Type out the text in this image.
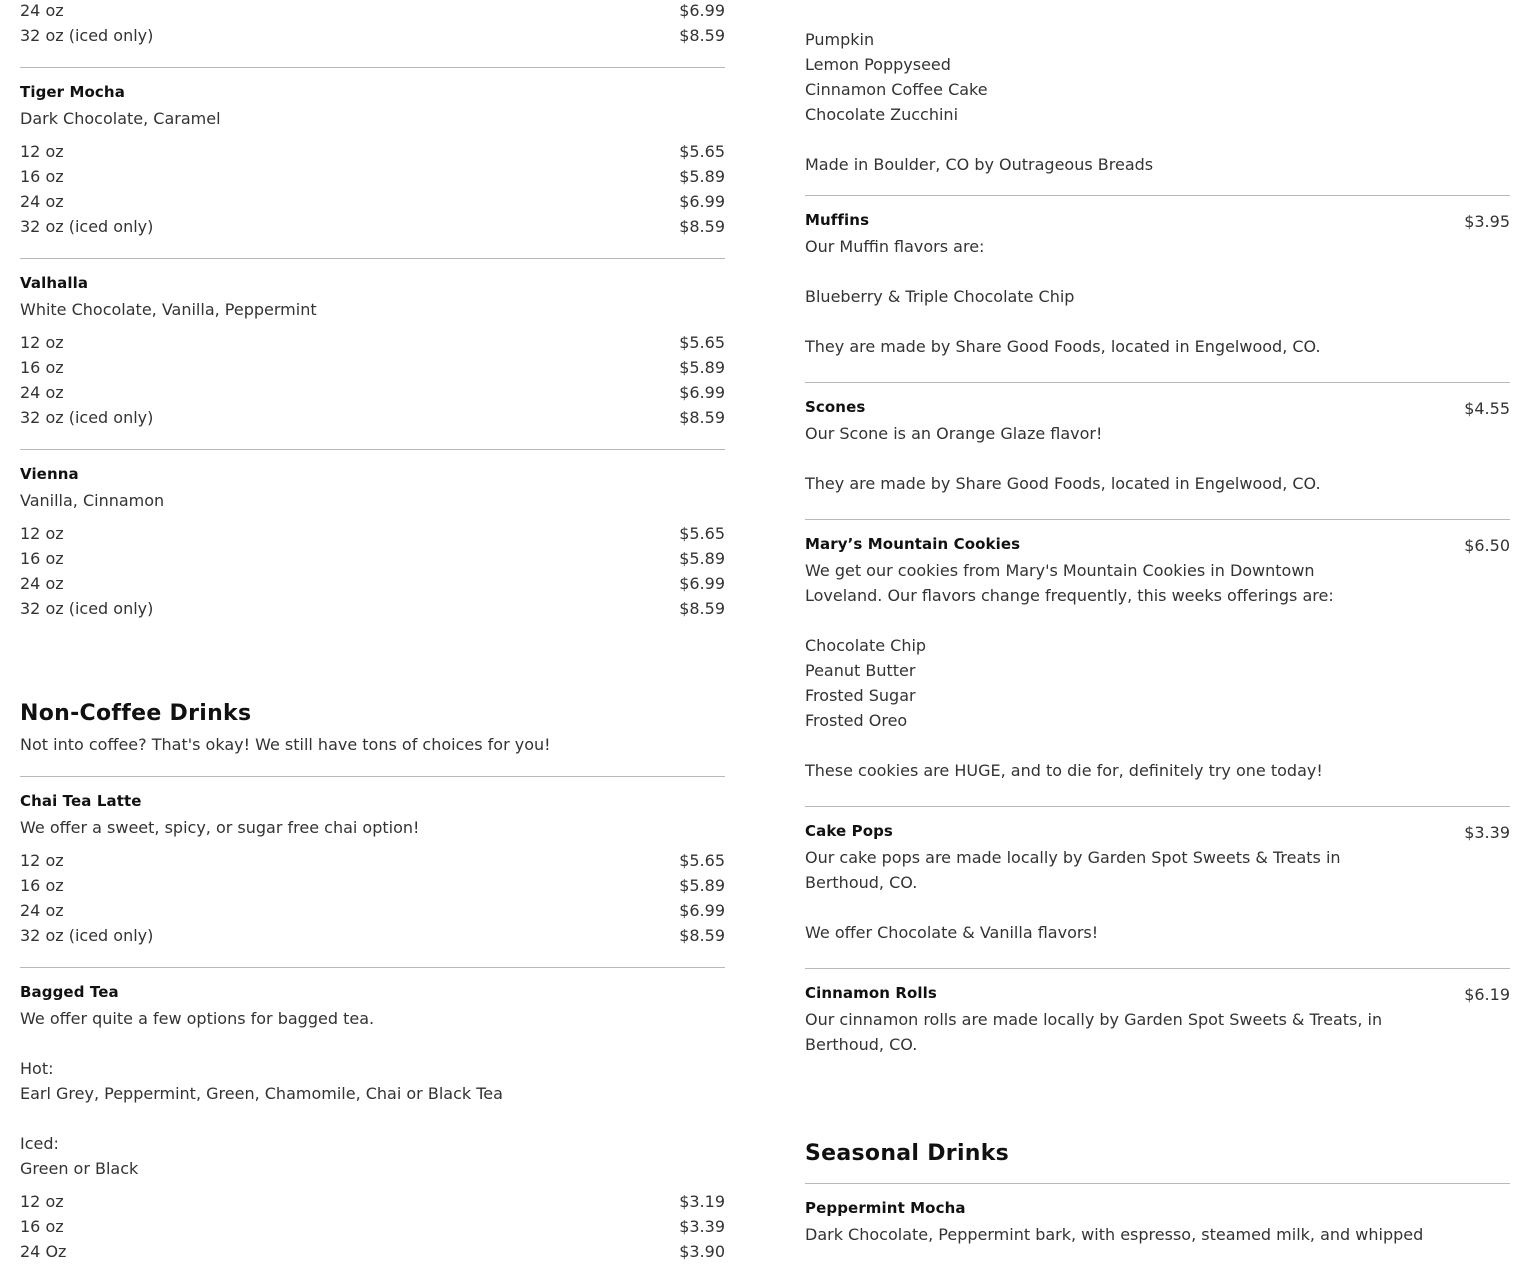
24 oz	$6.99
32 oz (iced only)	$8.59
Tiger Mocha
Dark Chocolate, Caramel
12 oz	$5.65
16 oz	$5.89
24 oz	$6.99
32 oz (iced only)	$8.59
Valhalla
White Chocolate, Vanilla, Peppermint
12 oz	$5.65
16 oz	$5.89
24 oz	$6.99
32 oz (iced only)	$8.59
Vienna
Vanilla, Cinnamon
12 oz	$5.65
16 oz	$5.89
24 oz	$6.99
32 oz (iced only)	$8.59
Non-Coffee Drinks
Not into coffee? That's okay! We still have tons of choices for you!
Chai Tea Latte
We offer a sweet, spicy, or sugar free chai option!
12 oz	$5.65
16 oz	$5.89
24 oz	$6.99
32 oz (iced only)	$8.59
Bagged Tea
We offer quite a few options for bagged tea.
Hot:
Earl Grey, Peppermint, Green, Chamomile, Chai or Black Tea
Iced:
Green or Black
12 oz	$3.19
16 oz	$3.39
24 Oz	$3.90
Pumpkin
Lemon Poppyseed
Cinnamon Coffee Cake
Chocolate Zucchini
Made in Boulder, CO by Outrageous Breads
Muffins	$3.95
Our Muffin flavors are:
Blueberry & Triple Chocolate Chip
They are made by Share Good Foods, located in Engelwood, CO.
Scones	$4.55
Our Scone is an Orange Glaze flavor!
They are made by Share Good Foods, located in Engelwood, CO.
Mary’s Mountain Cookies	$6.50
We get our cookies from Mary's Mountain Cookies in Downtown
Loveland. Our flavors change frequently, this weeks offerings are:
Chocolate Chip
Peanut Butter
Frosted Sugar
Frosted Oreo
These cookies are HUGE, and to die for, definitely try one today!
Cake Pops	$3.39
Our cake pops are made locally by Garden Spot Sweets & Treats in
Berthoud, CO.
We offer Chocolate & Vanilla flavors!
Cinnamon Rolls	$6.19
Our cinnamon rolls are made locally by Garden Spot Sweets & Treats, in
Berthoud, CO.
Seasonal Drinks
Peppermint Mocha
Dark Chocolate, Peppermint bark, with espresso, steamed milk, and whipped
